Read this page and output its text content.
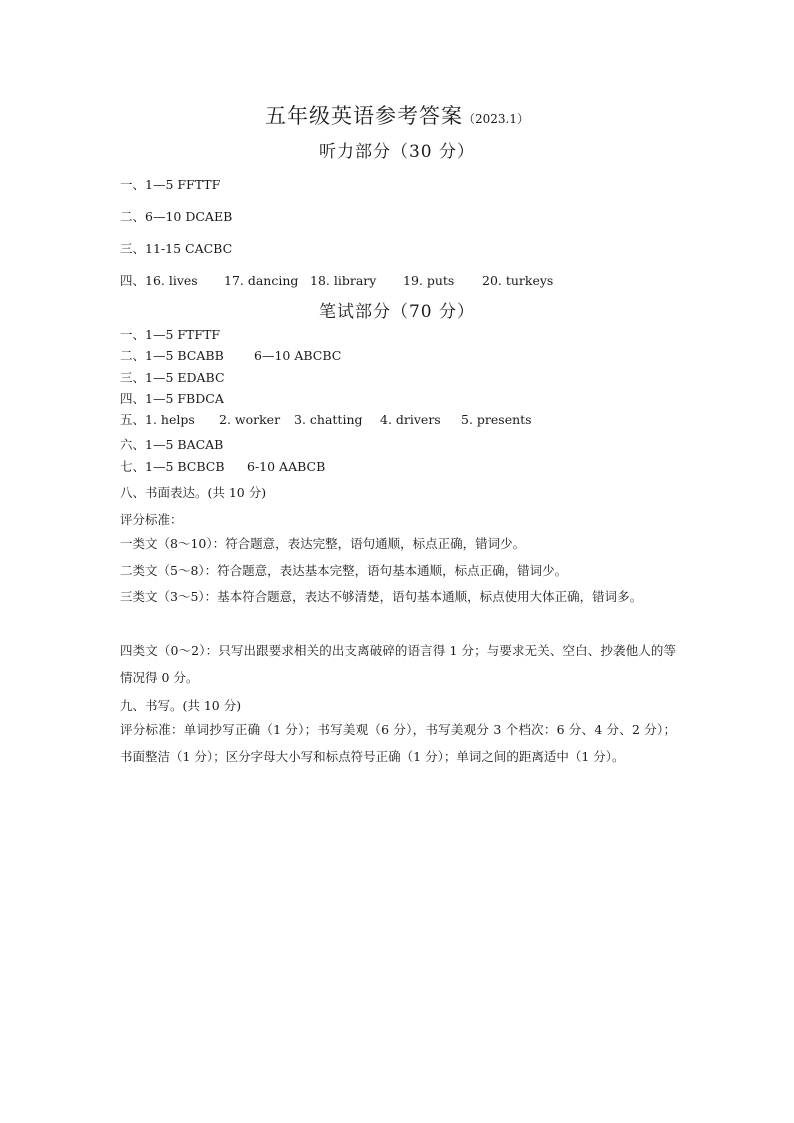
五年级英语参考答案（2023.1）
听力部分（30 分）
一、1—5 FFTTF
二、6—10 DCAEB
三、11-15 CACBC
四、16. lives 17. dancing 18. library 19. puts 20. turkeys
笔试部分（70 分）
一、1—5 FTFTF
二、1—5 BCABB 6—10 ABCBC
三、1—5 EDABC
四、1—5 FBDCA
五、1. helps 2. worker 3. chatting 4. drivers 5. presents
六、1—5 BACAB
七、1—5 BCBCB 6-10 AABCB
八、书面表达。(共 10 分)
评分标准：
一类文（8～10）：符合题意，表达完整，语句通顺，标点正确，错词少。
二类文（5～8）：符合题意，表达基本完整，语句基本通顺，标点正确，错词少。
三类文（3～5）：基本符合题意，表达不够清楚，语句基本通顺，标点使用大体正确，错词多。
四类文（0～2）：只写出跟要求相关的出支离破碎的语言得 1 分；与要求无关、空白、抄袭他人的等情况得 0 分。
九、书写。(共 10 分)
评分标准：单词抄写正确（1 分）；书写美观（6 分），书写美观分 3 个档次：6 分、4 分、2 分）；书面整洁（1 分）；区分字母大小写和标点符号正确（1 分）；单词之间的距离适中（1 分）。
